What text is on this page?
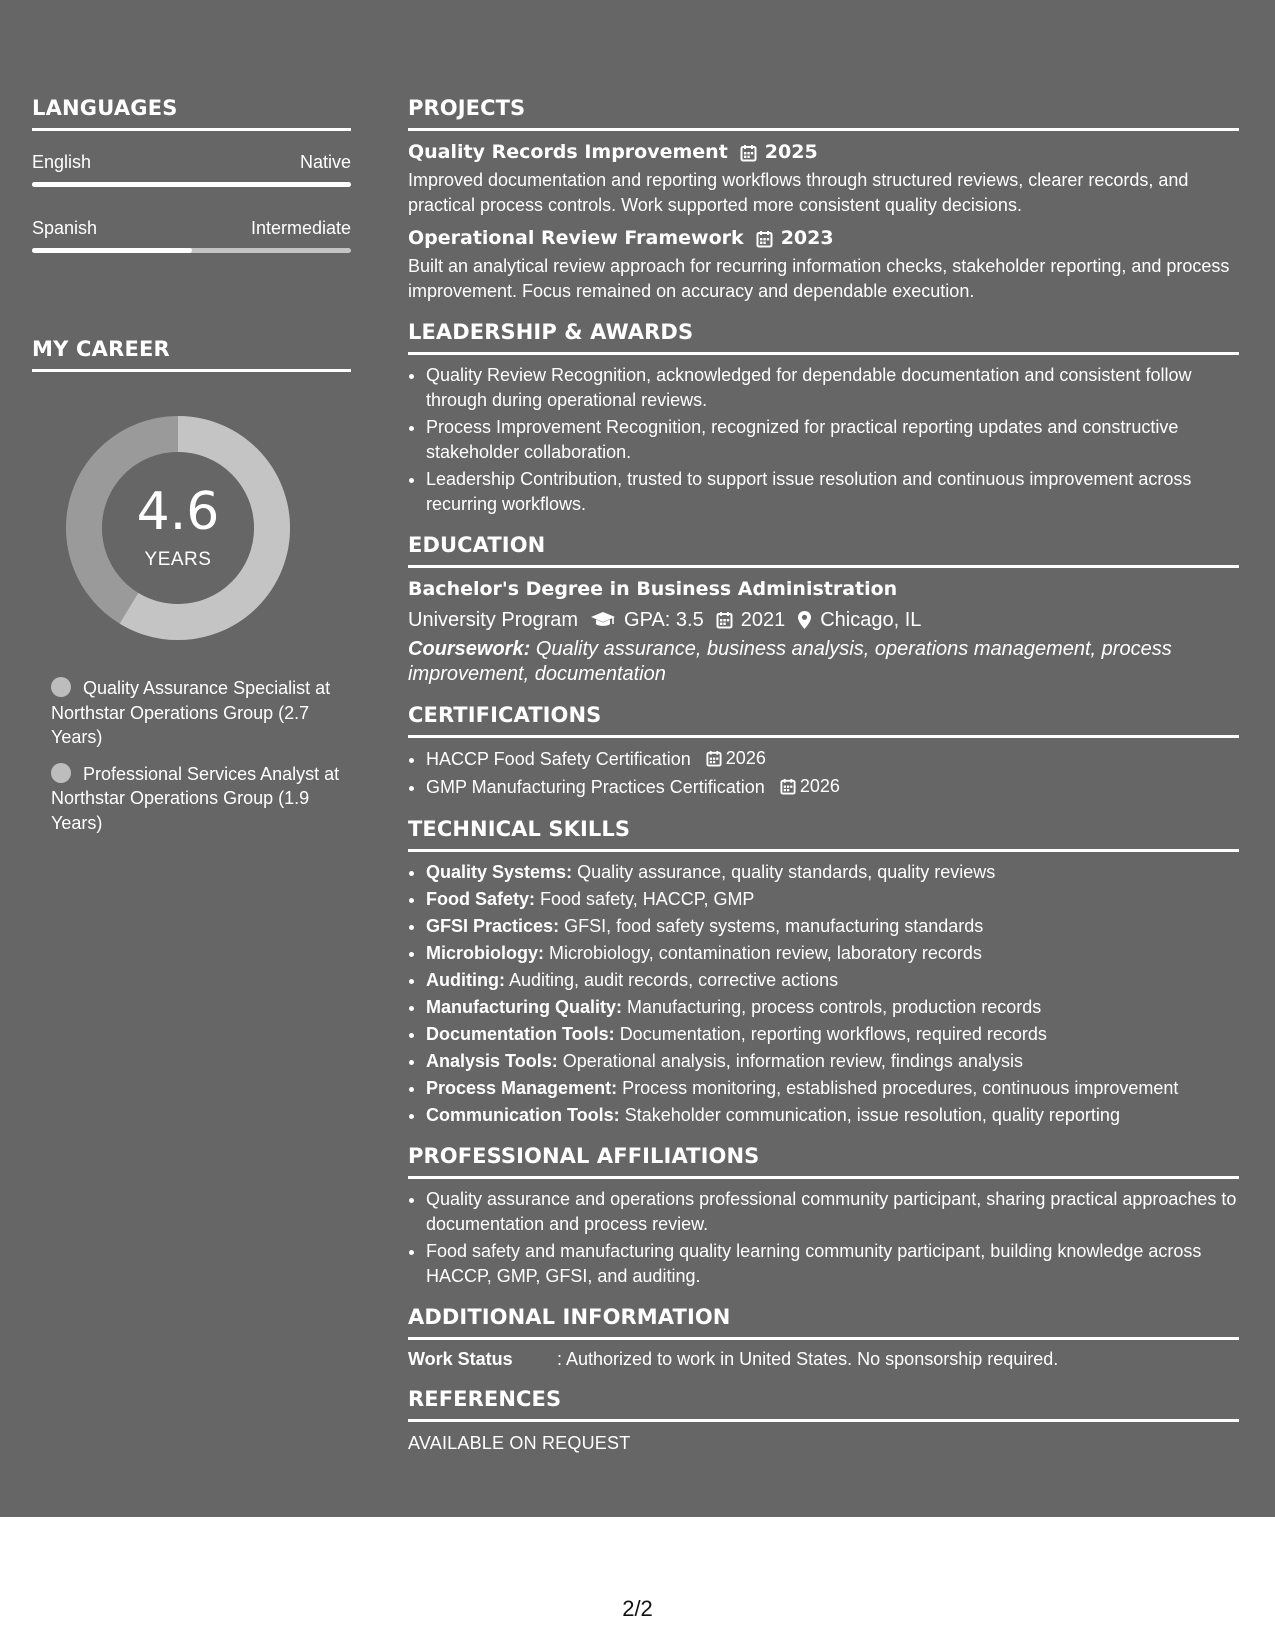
LANGUAGES
English	Native
Spanish	Intermediate
MY CAREER
4.6
YEARS
Quality Assurance Specialist at Northstar Operations Group (2.7 Years)
Professional Services Analyst at Northstar Operations Group (1.9 Years)
PROJECTS
Quality Records Improvement 2025
Improved documentation and reporting workflows through structured reviews, clearer records, and practical process controls. Work supported more consistent quality decisions.
Operational Review Framework 2023
Built an analytical review approach for recurring information checks, stakeholder reporting, and process improvement. Focus remained on accuracy and dependable execution.
LEADERSHIP & AWARDS
• Quality Review Recognition, acknowledged for dependable documentation and consistent follow through during operational reviews.
• Process Improvement Recognition, recognized for practical reporting updates and constructive stakeholder collaboration.
• Leadership Contribution, trusted to support issue resolution and continuous improvement across recurring workflows.
EDUCATION
Bachelor's Degree in Business Administration
University Program GPA: 3.5 2021 Chicago, IL
Coursework: Quality assurance, business analysis, operations management, process improvement, documentation
CERTIFICATIONS
• HACCP Food Safety Certification 2026
• GMP Manufacturing Practices Certification 2026
TECHNICAL SKILLS
• Quality Systems: Quality assurance, quality standards, quality reviews
• Food Safety: Food safety, HACCP, GMP
• GFSI Practices: GFSI, food safety systems, manufacturing standards
• Microbiology: Microbiology, contamination review, laboratory records
• Auditing: Auditing, audit records, corrective actions
• Manufacturing Quality: Manufacturing, process controls, production records
• Documentation Tools: Documentation, reporting workflows, required records
• Analysis Tools: Operational analysis, information review, findings analysis
• Process Management: Process monitoring, established procedures, continuous improvement
• Communication Tools: Stakeholder communication, issue resolution, quality reporting
PROFESSIONAL AFFILIATIONS
• Quality assurance and operations professional community participant, sharing practical approaches to documentation and process review.
• Food safety and manufacturing quality learning community participant, building knowledge across HACCP, GMP, GFSI, and auditing.
ADDITIONAL INFORMATION
Work Status	: Authorized to work in United States. No sponsorship required.
REFERENCES
AVAILABLE ON REQUEST
2/2
